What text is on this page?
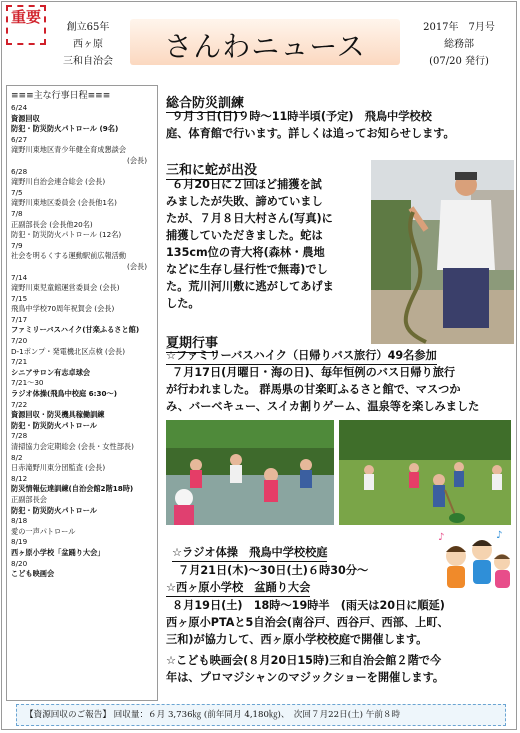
重要
創立65年
西ヶ原
三和自治会	さんわニュース
2017年　7月号
総務部
(07/20 発行)
≡≡≡主な行事日程≡≡≡
6/24
資源回収
防犯・防災防火パトロール (9名)
6/27
滝野川東地区青少年健全育成懇談会
(会長)
6/28
滝野川自治会連合総会 (会長)
7/5
滝野川東地区委員会 (会長他1名)
7/8
正副部長会 (会長他20名)
防犯・防災防火パトロール (12名)
7/9
社会を明るくする運動駅前広報活動
(会長)
7/14
滝野川東児童館運営委員会 (会長)
7/15
飛鳥中学校70周年祝賀会 (会長)
7/17
ファミリーバスハイク(甘楽ふるさと館)
7/20
D-1ポンプ・発電機北区点検 (会長)
7/21
シニアサロン有志卓球会
7/21～30
ラジオ体操(飛鳥中校庭 6:30～)
7/22
資源回収・防災機具稼働訓練
防犯・防災防火パトロール
7/28
清掃協力会定期総会 (会長・女性部長)
8/2
日赤滝野川東分団監査 (会長)
8/12
防災情報伝達訓練(自治会館2階18時)
正副部長会
防犯・防災防火パトロール
8/18
愛の一声パトロール
8/19
西ヶ原小学校「盆踊り大会」
8/20
こども映画会
総合防災訓練
９月３日(日)９時～11時半頃(予定)　飛鳥中学校校
庭、体育館で行います。詳しくは追ってお知らせします。
三和に蛇が出没
６月20日に２回ほど捕獲を試
みましたが失敗、諦めていまし
たが、７月８日大村さん(写真)に
捕獲していただきました。蛇は
135cm位の青大将(森林・農地
などに生存し昼行性で無毒)でし
た。荒川河川敷に逃がしてあげま
した。
夏期行事
☆ファミリーバスハイク（日帰りバス旅行）49名参加
７月17日(月曜日・海の日)、毎年恒例のバス日帰り旅行
が行われました。 群馬県の甘楽町ふるさと館で、マスつか
み、バーベキュー、スイカ割りゲーム、温泉等を楽しみました
☆ラジオ体操　飛鳥中学校校庭
７月21日(木)～30日(土)６時30分～
☆西ヶ原小学校　盆踊り大会
８月19日(土)　18時～19時半　(雨天は20日に順延)
西ヶ原小PTAと5自治会(南谷戸、西谷戸、西部、上町、
三和)が協力して、西ヶ原小学校校庭で開催します。
☆こども映画会(８月20日15時)三和自治会館２階で今
年は、プロマジシャンのマジックショーを開催します。
♪	♪
【資源回収のご報告】 回収量：６月 3,736㎏ (前年同月 4,180㎏)、　次回７月22日(土) 午前８時
